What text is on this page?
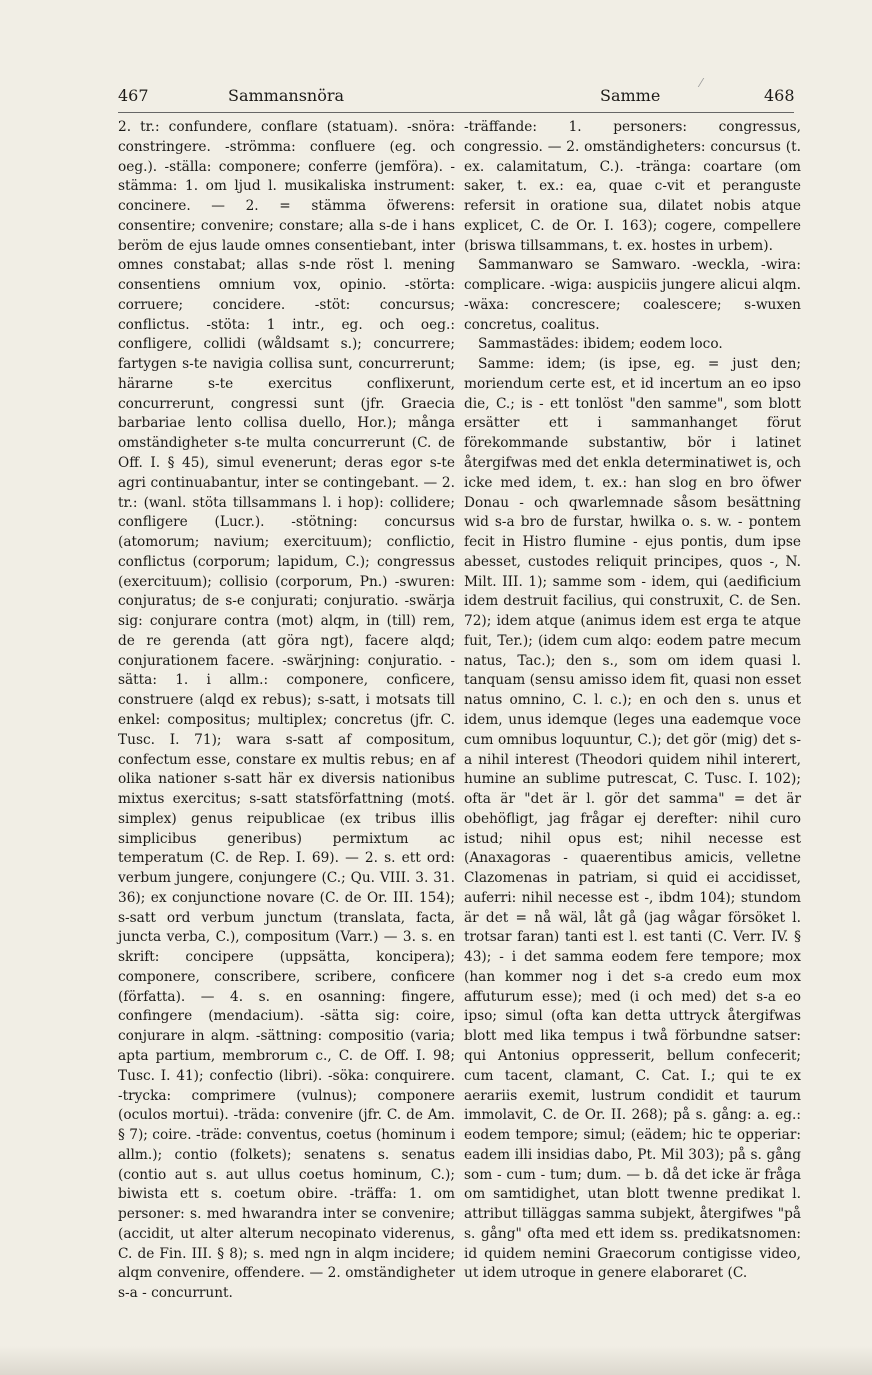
⁄
467	Sammansnöra	Samme	468

2. tr.: confundere, conflare (statuam). -snöra: constringere. -strömma: confluere (eg. och oeg.). -ställa: componere; conferre (jemföra). -stämma: 1. om ljud l. musikaliska instrument: concinere. — 2. = stämma öfwerens: consentire; convenire; constare; alla s-de i hans beröm de ejus laude omnes consentiebant, inter omnes constabat; allas s-nde röst l. mening consentiens omnium vox, opinio. -störta: corruere; concidere. -stöt: concursus; conflictus. -stöta: 1 intr., eg. och oeg.: confligere, collidi (wåldsamt s.); concurrere; fartygen s-te navigia collisa sunt, concurrerunt; härarne s-te exercitus conflixerunt, concurrerunt, congressi sunt (jfr. Graecia barbariae lento collisa duello, Hor.); många omständigheter s-te multa concurrerunt (C. de Off. I. § 45), simul evenerunt; deras egor s-te agri continuabantur, inter se contingebant. — 2. tr.: (wanl. stöta tillsammans l. i hop): collidere; confligere (Lucr.). -stötning: concursus (atomorum; navium; exercituum); conflictio, conflictus (corporum; lapidum, C.); congressus (exercituum); collisio (corporum, Pn.) -swuren: conjuratus; de s-e conjurati; conjuratio. -swärja sig: conjurare contra (mot) alqm, in (till) rem, de re gerenda (att göra ngt), facere alqd; conjurationem facere. -swärjning: conjuratio. -sätta: 1. i allm.: componere, conficere, construere (alqd ex rebus); s-satt, i motsats till enkel: compositus; multiplex; concretus (jfr. C. Tusc. I. 71); wara s-satt af compositum, confectum esse, constare ex multis rebus; en af olika nationer s-satt här ex diversis nationibus mixtus exercitus; s-satt statsförfattning (motś. simplex) genus reipublicae (ex tribus illis simplicibus generibus) permixtum ac temperatum (C. de Rep. I. 69). — 2. s. ett ord: verbum jungere, conjungere (C.; Qu. VIII. 3. 31. 36); ex conjunctione novare (C. de Or. III. 154); s-satt ord verbum junctum (translata, facta, juncta verba, C.), compositum (Varr.) — 3. s. en skrift: concipere (uppsätta, koncipera); componere, conscribere, scribere, conficere (författa). — 4. s. en osanning: fingere, confingere (mendacium). -sätta sig: coire, conjurare in alqm. -sättning: compositio (varia; apta partium, membrorum c., C. de Off. I. 98; Tusc. I. 41); confectio (libri). -söka: conquirere. -trycka: comprimere (vulnus); componere (oculos mortui). -träda: convenire (jfr. C. de Am. § 7); coire. -träde: conventus, coetus (hominum i allm.); contio (folkets); senatens s. senatus (contio aut s. aut ullus coetus hominum, C.); biwista ett s. coetum obire. -träffa: 1. om personer: s. med hwarandra inter se convenire; (accidit, ut alter alterum necopinato viderenus, C. de Fin. III. § 8); s. med ngn in alqm incidere; alqm convenire, offendere. — 2. omständigheter s-a - concurrunt.

-träffande: 1. personers: congressus, congressio. — 2. omständigheters: concursus (t. ex. calamitatum, C.). -tränga: coartare (om saker, t. ex.: ea, quae c-vit et peranguste refersit in oratione sua, dilatet nobis atque explicet, C. de Or. I. 163); cogere, compellere (briswa tillsammans, t. ex. hostes in urbem).

Sammanwaro se Samwaro. -weckla, -wira: complicare. -wiga: auspiciis jungere alicui alqm. -wäxa: concrescere; coalescere; s-wuxen concretus, coalitus.

Sammastädes: ibidem; eodem loco.

Samme: idem; (is ipse, eg. = just den; moriendum certe est, et id incertum an eo ipso die, C.; is - ett tonlöst "den samme", som blott ersätter ett i sammanhanget förut förekommande substantiw, bör i latinet återgifwas med det enkla determinatiwet is, och icke med idem, t. ex.: han slog en bro öfwer Donau - och qwarlemnade såsom besättning wid s-a bro de furstar, hwilka o. s. w. - pontem fecit in Histro flumine - ejus pontis, dum ipse abesset, custodes reliquit principes, quos -, N. Milt. III. 1); samme som - idem, qui (aedificium idem destruit facilius, qui construxit, C. de Sen. 72); idem atque (animus idem est erga te atque fuit, Ter.); (idem cum alqo: eodem patre mecum natus, Tac.); den s., som om idem quasi l. tanquam (sensu amisso idem fit, quasi non esset natus omnino, C. l. c.); en och den s. unus et idem, unus idemque (leges una eademque voce cum omnibus loquuntur, C.); det gör (mig) det s-a nihil interest (Theodori quidem nihil interert, humine an sublime putrescat, C. Tusc. I. 102); ofta är "det är l. gör det samma" = det är obehöfligt, jag frågar ej derefter: nihil curo istud; nihil opus est; nihil necesse est (Anaxagoras - quaerentibus amicis, velletne Clazomenas in patriam, si quid ei accidisset, auferri: nihil necesse est -, ibdm 104); stundom är det = nå wäl, låt gå (jag wågar försöket l. trotsar faran) tanti est l. est tanti (C. Verr. IV. § 43); - i det samma eodem fere tempore; mox (han kommer nog i det s-a credo eum mox affuturum esse); med (i och med) det s-a eo ipso; simul (ofta kan detta uttryck återgifwas blott med lika tempus i twå förbundne satser: qui Antonius oppresserit, bellum confecerit; cum tacent, clamant, C. Cat. I.; qui te ex aerariis exemit, lustrum condidit et taurum immolavit, C. de Or. II. 268); på s. gång: a. eg.: eodem tempore; simul; (eädem; hic te opperiar: eadem illi insidias dabo, Pt. Mil 303); på s. gång som - cum - tum; dum. — b. då det icke är fråga om samtidighet, utan blott twenne predikat l. attribut tilläggas samma subjekt, återgifwes "på s. gång" ofta med ett idem ss. predikatsnomen: id quidem nemini Graecorum contigisse video, ut idem utroque in genere elaboraret (C.
